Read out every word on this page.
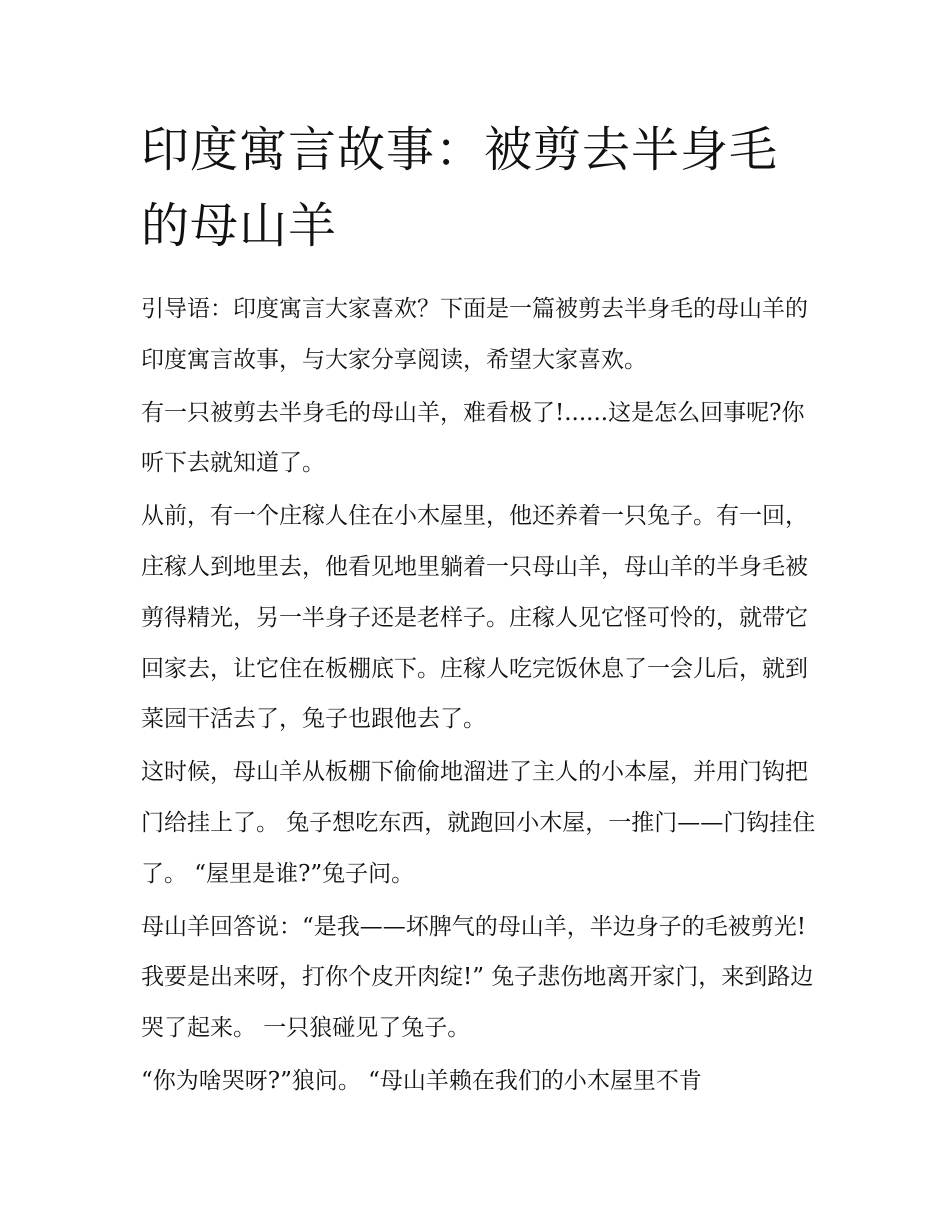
印度寓言故事：被剪去半身毛的母山羊

引导语：印度寓言大家喜欢？下面是一篇被剪去半身毛的母山羊的印度寓言故事，与大家分享阅读，希望大家喜欢。

有一只被剪去半身毛的母山羊，难看极了!......这是怎么回事呢?你听下去就知道了。

从前，有一个庄稼人住在小木屋里，他还养着一只兔子。有一回，庄稼人到地里去，他看见地里躺着一只母山羊，母山羊的半身毛被剪得精光，另一半身子还是老样子。庄稼人见它怪可怜的，就带它回家去，让它住在板棚底下。庄稼人吃完饭休息了一会儿后，就到菜园干活去了，兔子也跟他去了。

这时候，母山羊从板棚下偷偷地溜进了主人的小本屋，并用门钩把门给挂上了。 兔子想吃东西，就跑回小木屋，一推门——门钩挂住了。 “屋里是谁?”兔子问。

母山羊回答说：“是我——坏脾气的母山羊，半边身子的毛被剪光!我要是出来呀，打你个皮开肉绽!” 兔子悲伤地离开家门，来到路边哭了起来。 一只狼碰见了兔子。

“你为啥哭呀?”狼问。 “母山羊赖在我们的小木屋里不肯
